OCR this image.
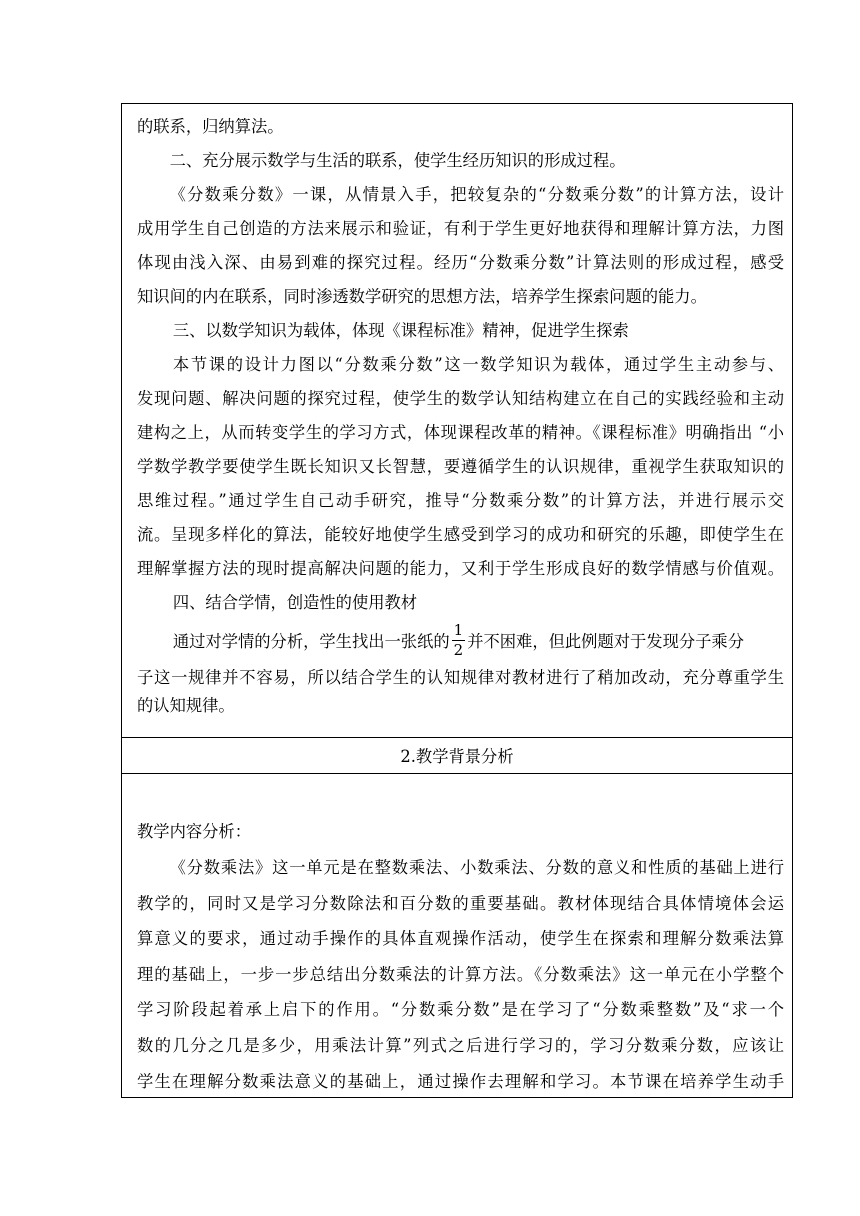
的联系，归纳算法。

二、充分展示数学与生活的联系，使学生经历知识的形成过程。

《分数乘分数》一课，从情景入手，把较复杂的“分数乘分数”的计算方法，设计

成用学生自己创造的方法来展示和验证，有利于学生更好地获得和理解计算方法，力图

体现由浅入深、由易到难的探究过程。经历“分数乘分数”计算法则的形成过程，感受

知识间的内在联系，同时渗透数学研究的思想方法，培养学生探索问题的能力。

三、以数学知识为载体，体现《课程标准》精神，促进学生探索

本节课的设计力图以“分数乘分数”这一数学知识为载体，通过学生主动参与、

发现问题、解决问题的探究过程，使学生的数学认知结构建立在自己的实践经验和主动

建构之上，从而转变学生的学习方式，体现课程改革的精神。《课程标准》明确指出 “小

学数学教学要使学生既长知识又长智慧，要遵循学生的认识规律，重视学生获取知识的

思维过程。”通过学生自己动手研究，推导“分数乘分数”的计算方法，并进行展示交

流。呈现多样化的算法，能较好地使学生感受到学习的成功和研究的乐趣，即使学生在

理解掌握方法的现时提高解决问题的能力，又利于学生形成良好的数学情感与价值观。

四、结合学情，创造性的使用教材

通过对学情的分析，学生找出一张纸的 $\frac{1}{2}$ 并不困难，但此例题对于发现分子乘分

子这一规律并不容易，所以结合学生的认知规律对教材进行了稍加改动，充分尊重学生

的认知规律。

2.教学背景分析

教学内容分析：

《分数乘法》这一单元是在整数乘法、小数乘法、分数的意义和性质的基础上进行

教学的，同时又是学习分数除法和百分数的重要基础。教材体现结合具体情境体会运

算意义的要求，通过动手操作的具体直观操作活动，使学生在探索和理解分数乘法算

理的基础上，一步一步总结出分数乘法的计算方法。《分数乘法》这一单元在小学整个

学习阶段起着承上启下的作用。“分数乘分数”是在学习了“分数乘整数”及“求一个

数的几分之几是多少，用乘法计算”列式之后进行学习的，学习分数乘分数，应该让

学生在理解分数乘法意义的基础上，通过操作去理解和学习。本节课在培养学生动手
